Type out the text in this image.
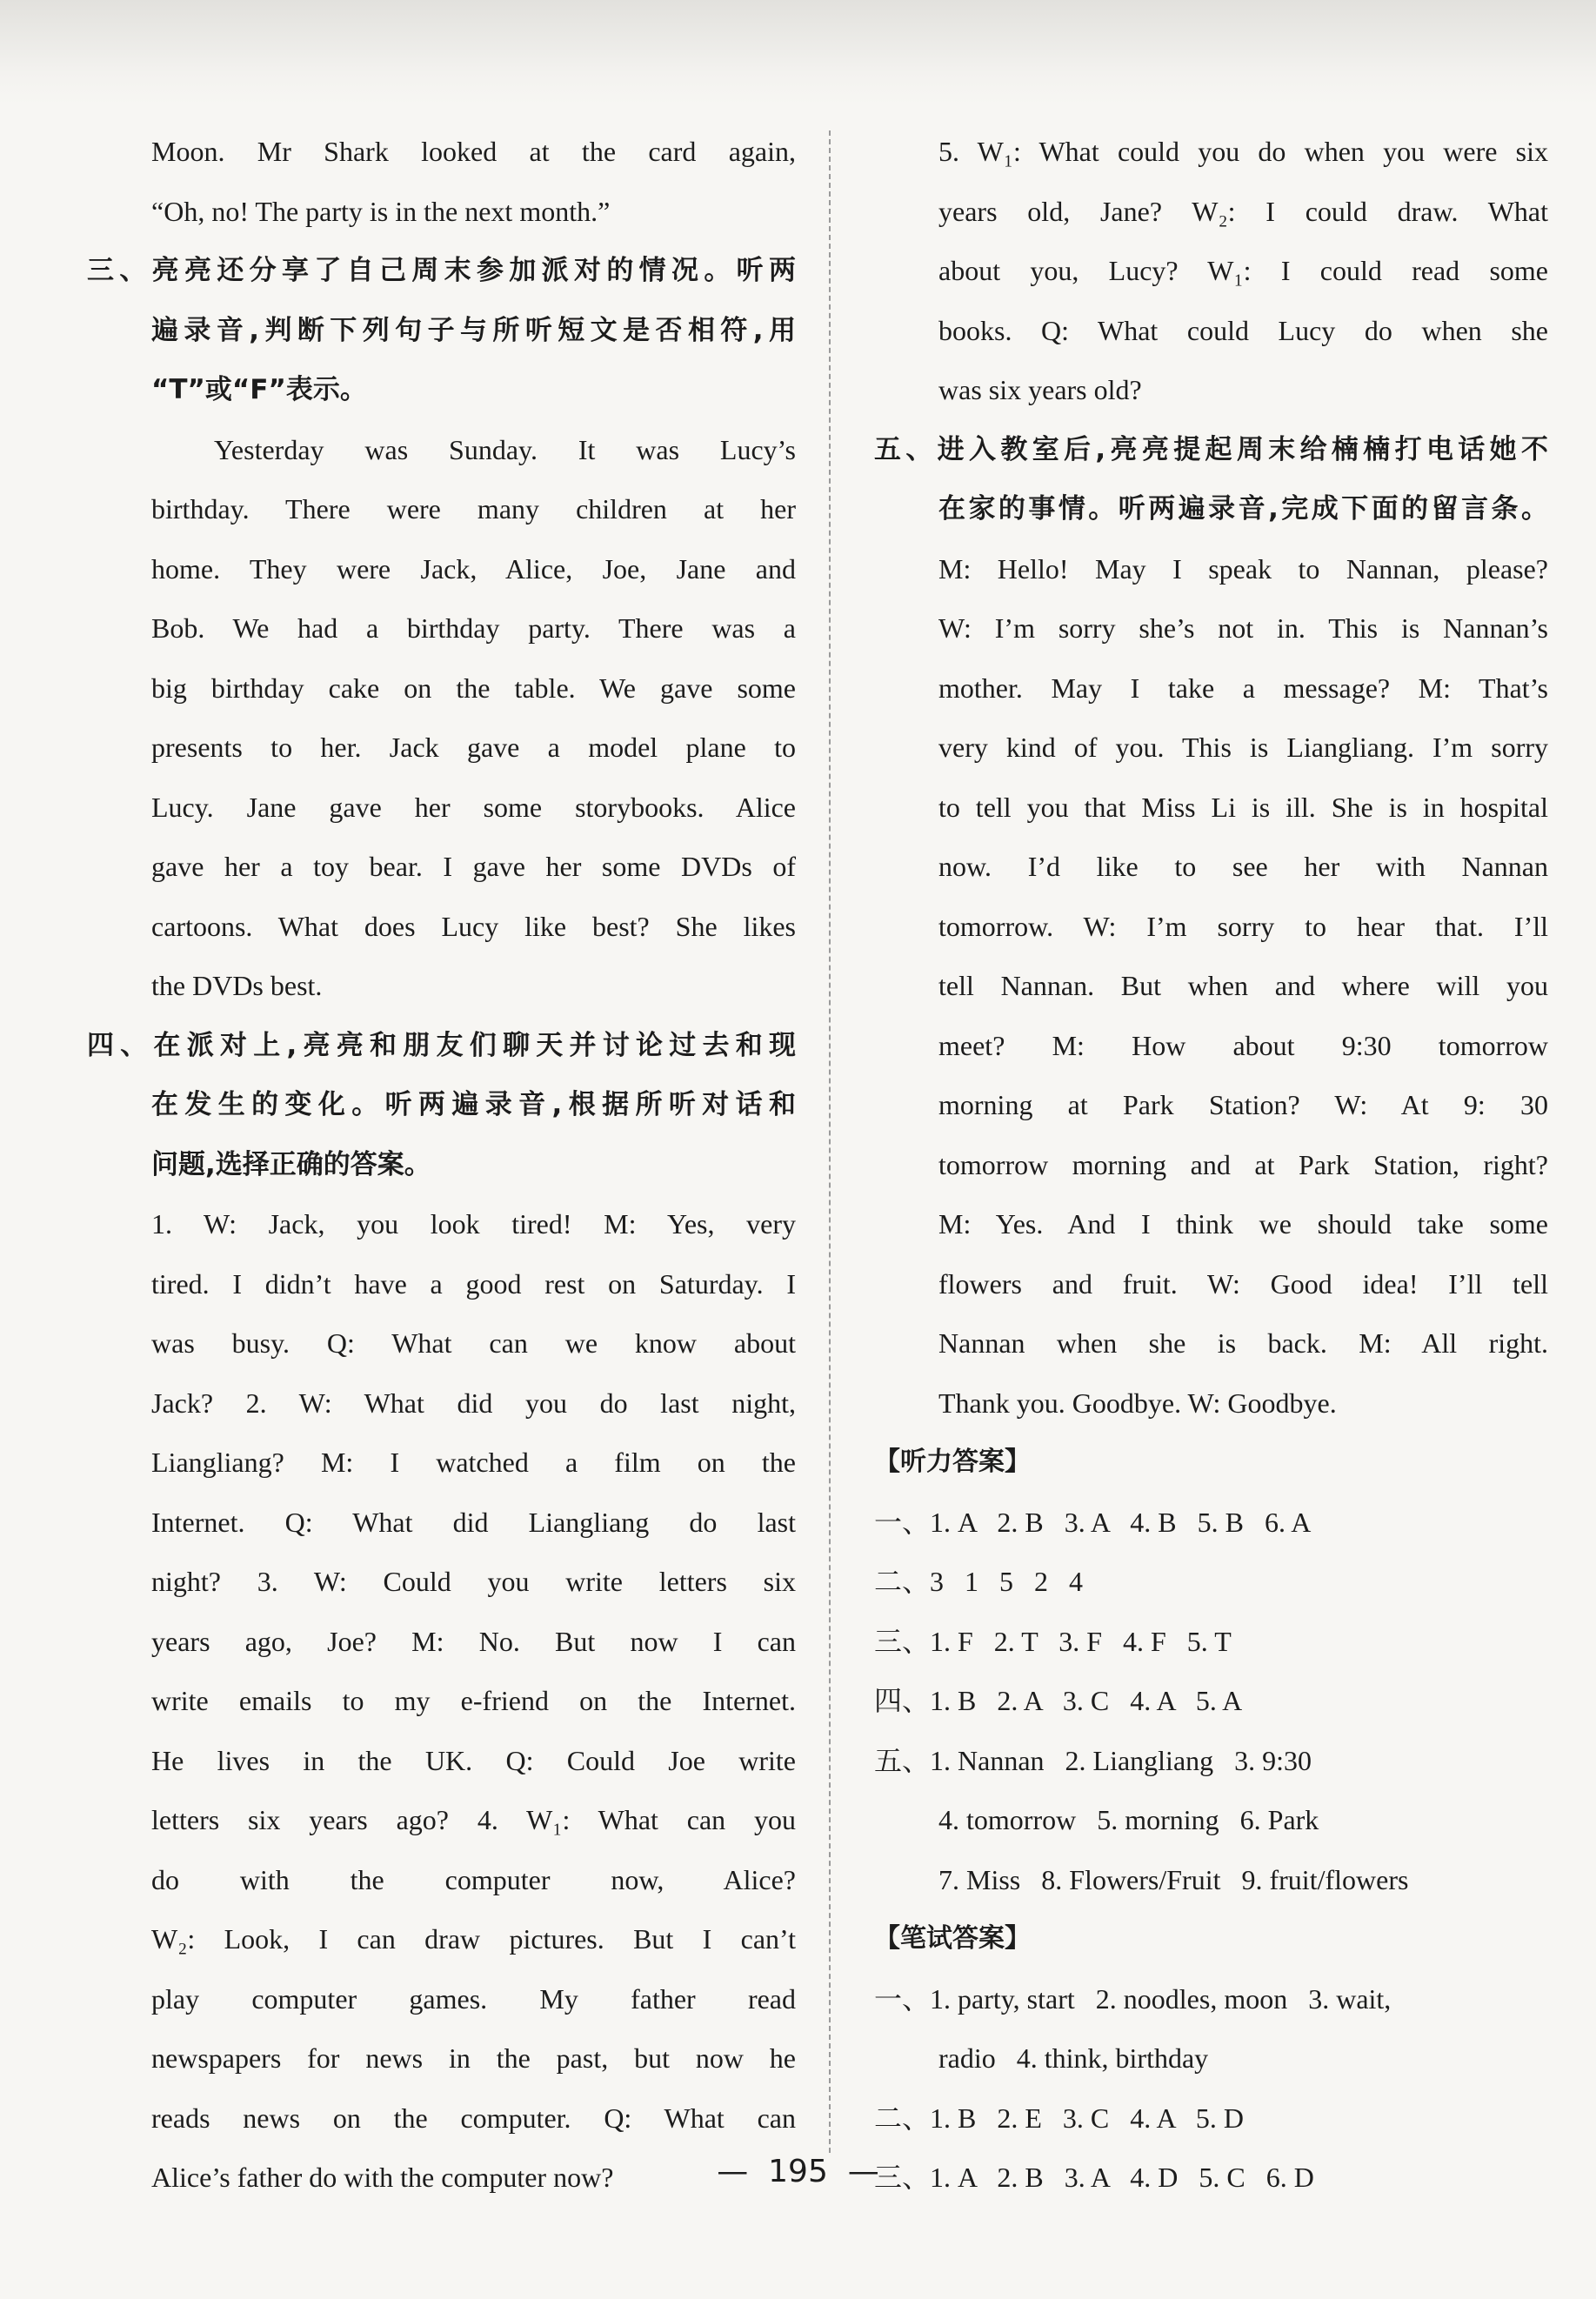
Moon. Mr Shark looked at the card again,
“Oh, no! The party is in the next month.”
三、亮亮还分享了自己周末参加派对的情况。听两
遍录音,判断下列句子与所听短文是否相符,用
“T”或“F”表示。
Yesterday was Sunday. It was Lucy’s
birthday. There were many children at her
home. They were Jack, Alice, Joe, Jane and
Bob. We had a birthday party. There was a
big birthday cake on the table. We gave some
presents to her. Jack gave a model plane to
Lucy. Jane gave her some storybooks. Alice
gave her a toy bear. I gave her some DVDs of
cartoons. What does Lucy like best? She likes
the DVDs best.
四、在派对上,亮亮和朋友们聊天并讨论过去和现
在发生的变化。听两遍录音,根据所听对话和
问题,选择正确的答案。
1. W: Jack, you look tired! M: Yes, very
tired. I didn’t have a good rest on Saturday. I
was busy. Q: What can we know about
Jack? 2. W: What did you do last night,
Liangliang? M: I watched a film on the
Internet. Q: What did Liangliang do last
night? 3. W: Could you write letters six
years ago, Joe? M: No. But now I can
write emails to my e-friend on the Internet.
He lives in the UK. Q: Could Joe write
letters six years ago? 4. W₁: What can you
do with the computer now, Alice?
W₂: Look, I can draw pictures. But I can’t
play computer games. My father read
newspapers for news in the past, but now he
reads news on the computer. Q: What can
Alice’s father do with the computer now?
5. W₁: What could you do when you were six
years old, Jane? W₂: I could draw. What
about you, Lucy? W₁: I could read some
books. Q: What could Lucy do when she
was six years old?
五、进入教室后,亮亮提起周末给楠楠打电话她不
在家的事情。听两遍录音,完成下面的留言条。
M: Hello! May I speak to Nannan, please?
W: I’m sorry she’s not in. This is Nannan’s
mother. May I take a message? M: That’s
very kind of you. This is Liangliang. I’m sorry
to tell you that Miss Li is ill. She is in hospital
now. I’d like to see her with Nannan
tomorrow. W: I’m sorry to hear that. I’ll
tell Nannan. But when and where will you
meet? M: How about 9:30 tomorrow
morning at Park Station? W: At 9: 30
tomorrow morning and at Park Station, right?
M: Yes. And I think we should take some
flowers and fruit. W: Good idea! I’ll tell
Nannan when she is back. M: All right.
Thank you. Goodbye. W: Goodbye.
【听力答案】
一、1. A   2. B   3. A   4. B   5. B   6. A
二、3   1   5   2   4
三、1. F   2. T   3. F   4. F   5. T
四、1. B   2. A   3. C   4. A   5. A
五、1. Nannan   2. Liangliang   3. 9:30
4. tomorrow   5. morning   6. Park
7. Miss   8. Flowers/Fruit   9. fruit/flowers
【笔试答案】
一、1. party, start   2. noodles, moon   3. wait,
radio   4. think, birthday
二、1. B   2. E   3. C   4. A   5. D
三、1. A   2. B   3. A   4. D   5. C   6. D
—  195  —
